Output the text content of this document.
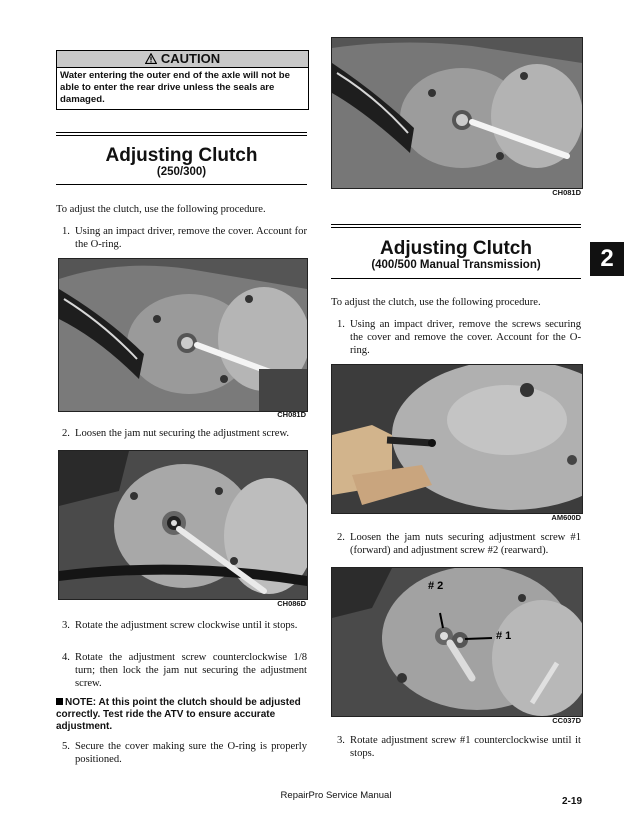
CAUTION
Water entering the outer end of the axle will not be able to enter the rear drive unless the seals are damaged.
Adjusting Clutch
(250/300)
To adjust the clutch, use the following procedure.
1. Using an impact driver, remove the cover. Account for the O-ring.
CH081D
2. Loosen the jam nut securing the adjustment screw.
CH086D
3. Rotate the adjustment screw clockwise until it stops.
4. Rotate the adjustment screw counterclockwise 1/8 turn; then lock the jam nut securing the adjustment screw.
NOTE: At this point the clutch should be adjusted correctly. Test ride the ATV to ensure accurate adjustment.
5. Secure the cover making sure the O-ring is properly positioned.
CH081D
Adjusting Clutch
(400/500 Manual Transmission)	2
To adjust the clutch, use the following procedure.
1. Using an impact driver, remove the screws securing the cover and remove the cover. Account for the O-ring.
AM600D
2. Loosen the jam nuts securing adjustment screw #1 (forward) and adjustment screw #2 (rearward).
# 2
# 1
CC037D
3. Rotate adjustment screw #1 counterclockwise until it stops.
RepairPro Service Manual
2-19
